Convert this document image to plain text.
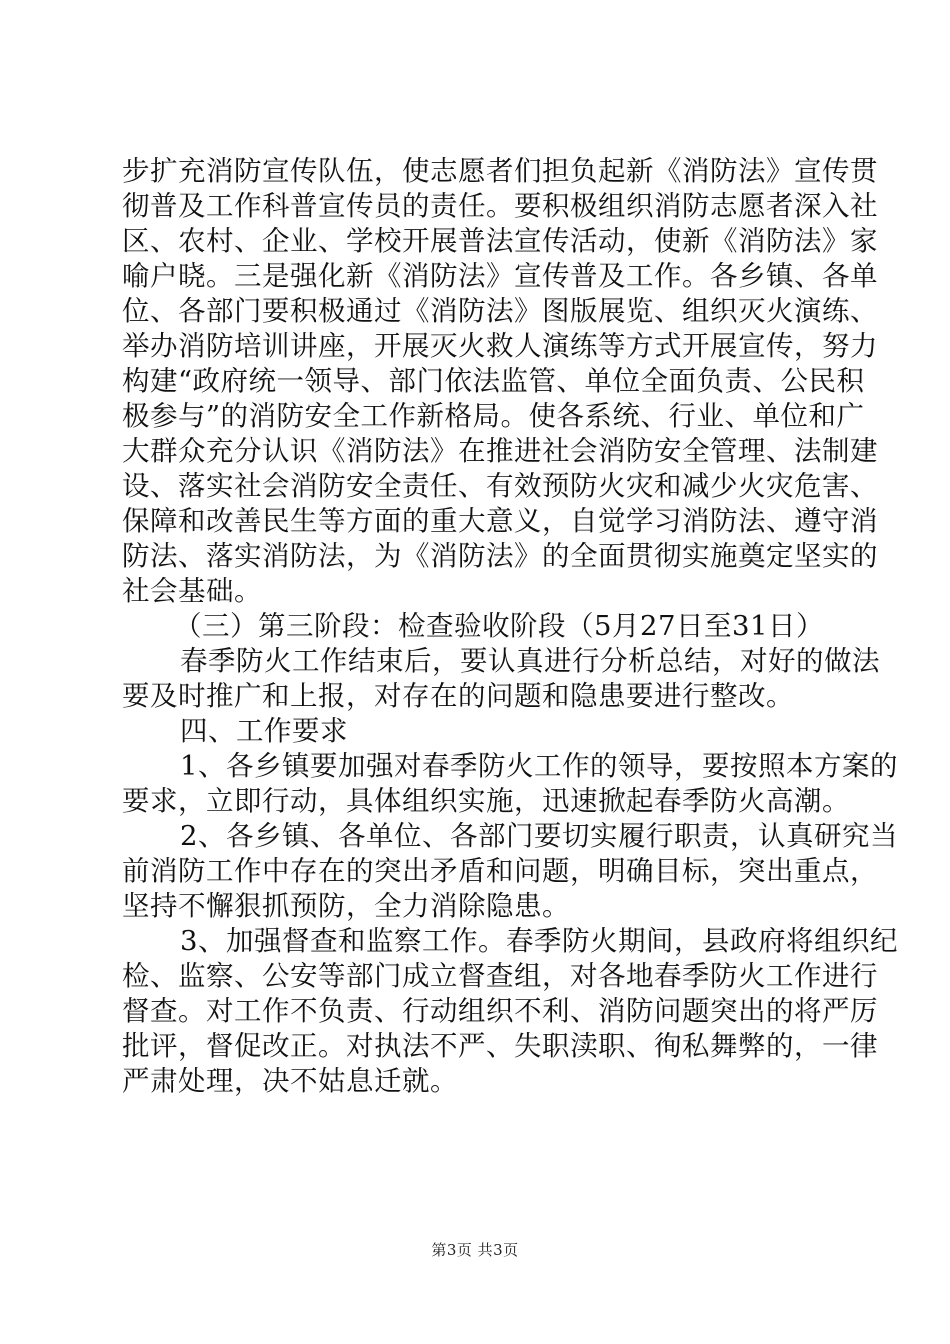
步扩充消防宣传队伍，使志愿者们担负起新《消防法》宣传贯
彻普及工作科普宣传员的责任。要积极组织消防志愿者深入社
区、农村、企业、学校开展普法宣传活动，使新《消防法》家
喻户晓。三是强化新《消防法》宣传普及工作。各乡镇、各单
位、各部门要积极通过《消防法》图版展览、组织灭火演练、
举办消防培训讲座，开展灭火救人演练等方式开展宣传，努力
构建“政府统一领导、部门依法监管、单位全面负责、公民积
极参与”的消防安全工作新格局。使各系统、行业、单位和广
大群众充分认识《消防法》在推进社会消防安全管理、法制建
设、落实社会消防安全责任、有效预防火灾和减少火灾危害、
保障和改善民生等方面的重大意义，自觉学习消防法、遵守消
防法、落实消防法，为《消防法》的全面贯彻实施奠定坚实的
社会基础。
（三）第三阶段：检查验收阶段（5月27日至31日）
春季防火工作结束后，要认真进行分析总结，对好的做法
要及时推广和上报，对存在的问题和隐患要进行整改。
四、工作要求
1、各乡镇要加强对春季防火工作的领导，要按照本方案的
要求，立即行动，具体组织实施，迅速掀起春季防火高潮。
2、各乡镇、各单位、各部门要切实履行职责，认真研究当
前消防工作中存在的突出矛盾和问题，明确目标，突出重点，
坚持不懈狠抓预防，全力消除隐患。
3、加强督查和监察工作。春季防火期间，县政府将组织纪
检、监察、公安等部门成立督查组，对各地春季防火工作进行
督查。对工作不负责、行动组织不利、消防问题突出的将严厉
批评，督促改正。对执法不严、失职渎职、徇私舞弊的，一律
严肃处理，决不姑息迁就。
第3页 共3页
